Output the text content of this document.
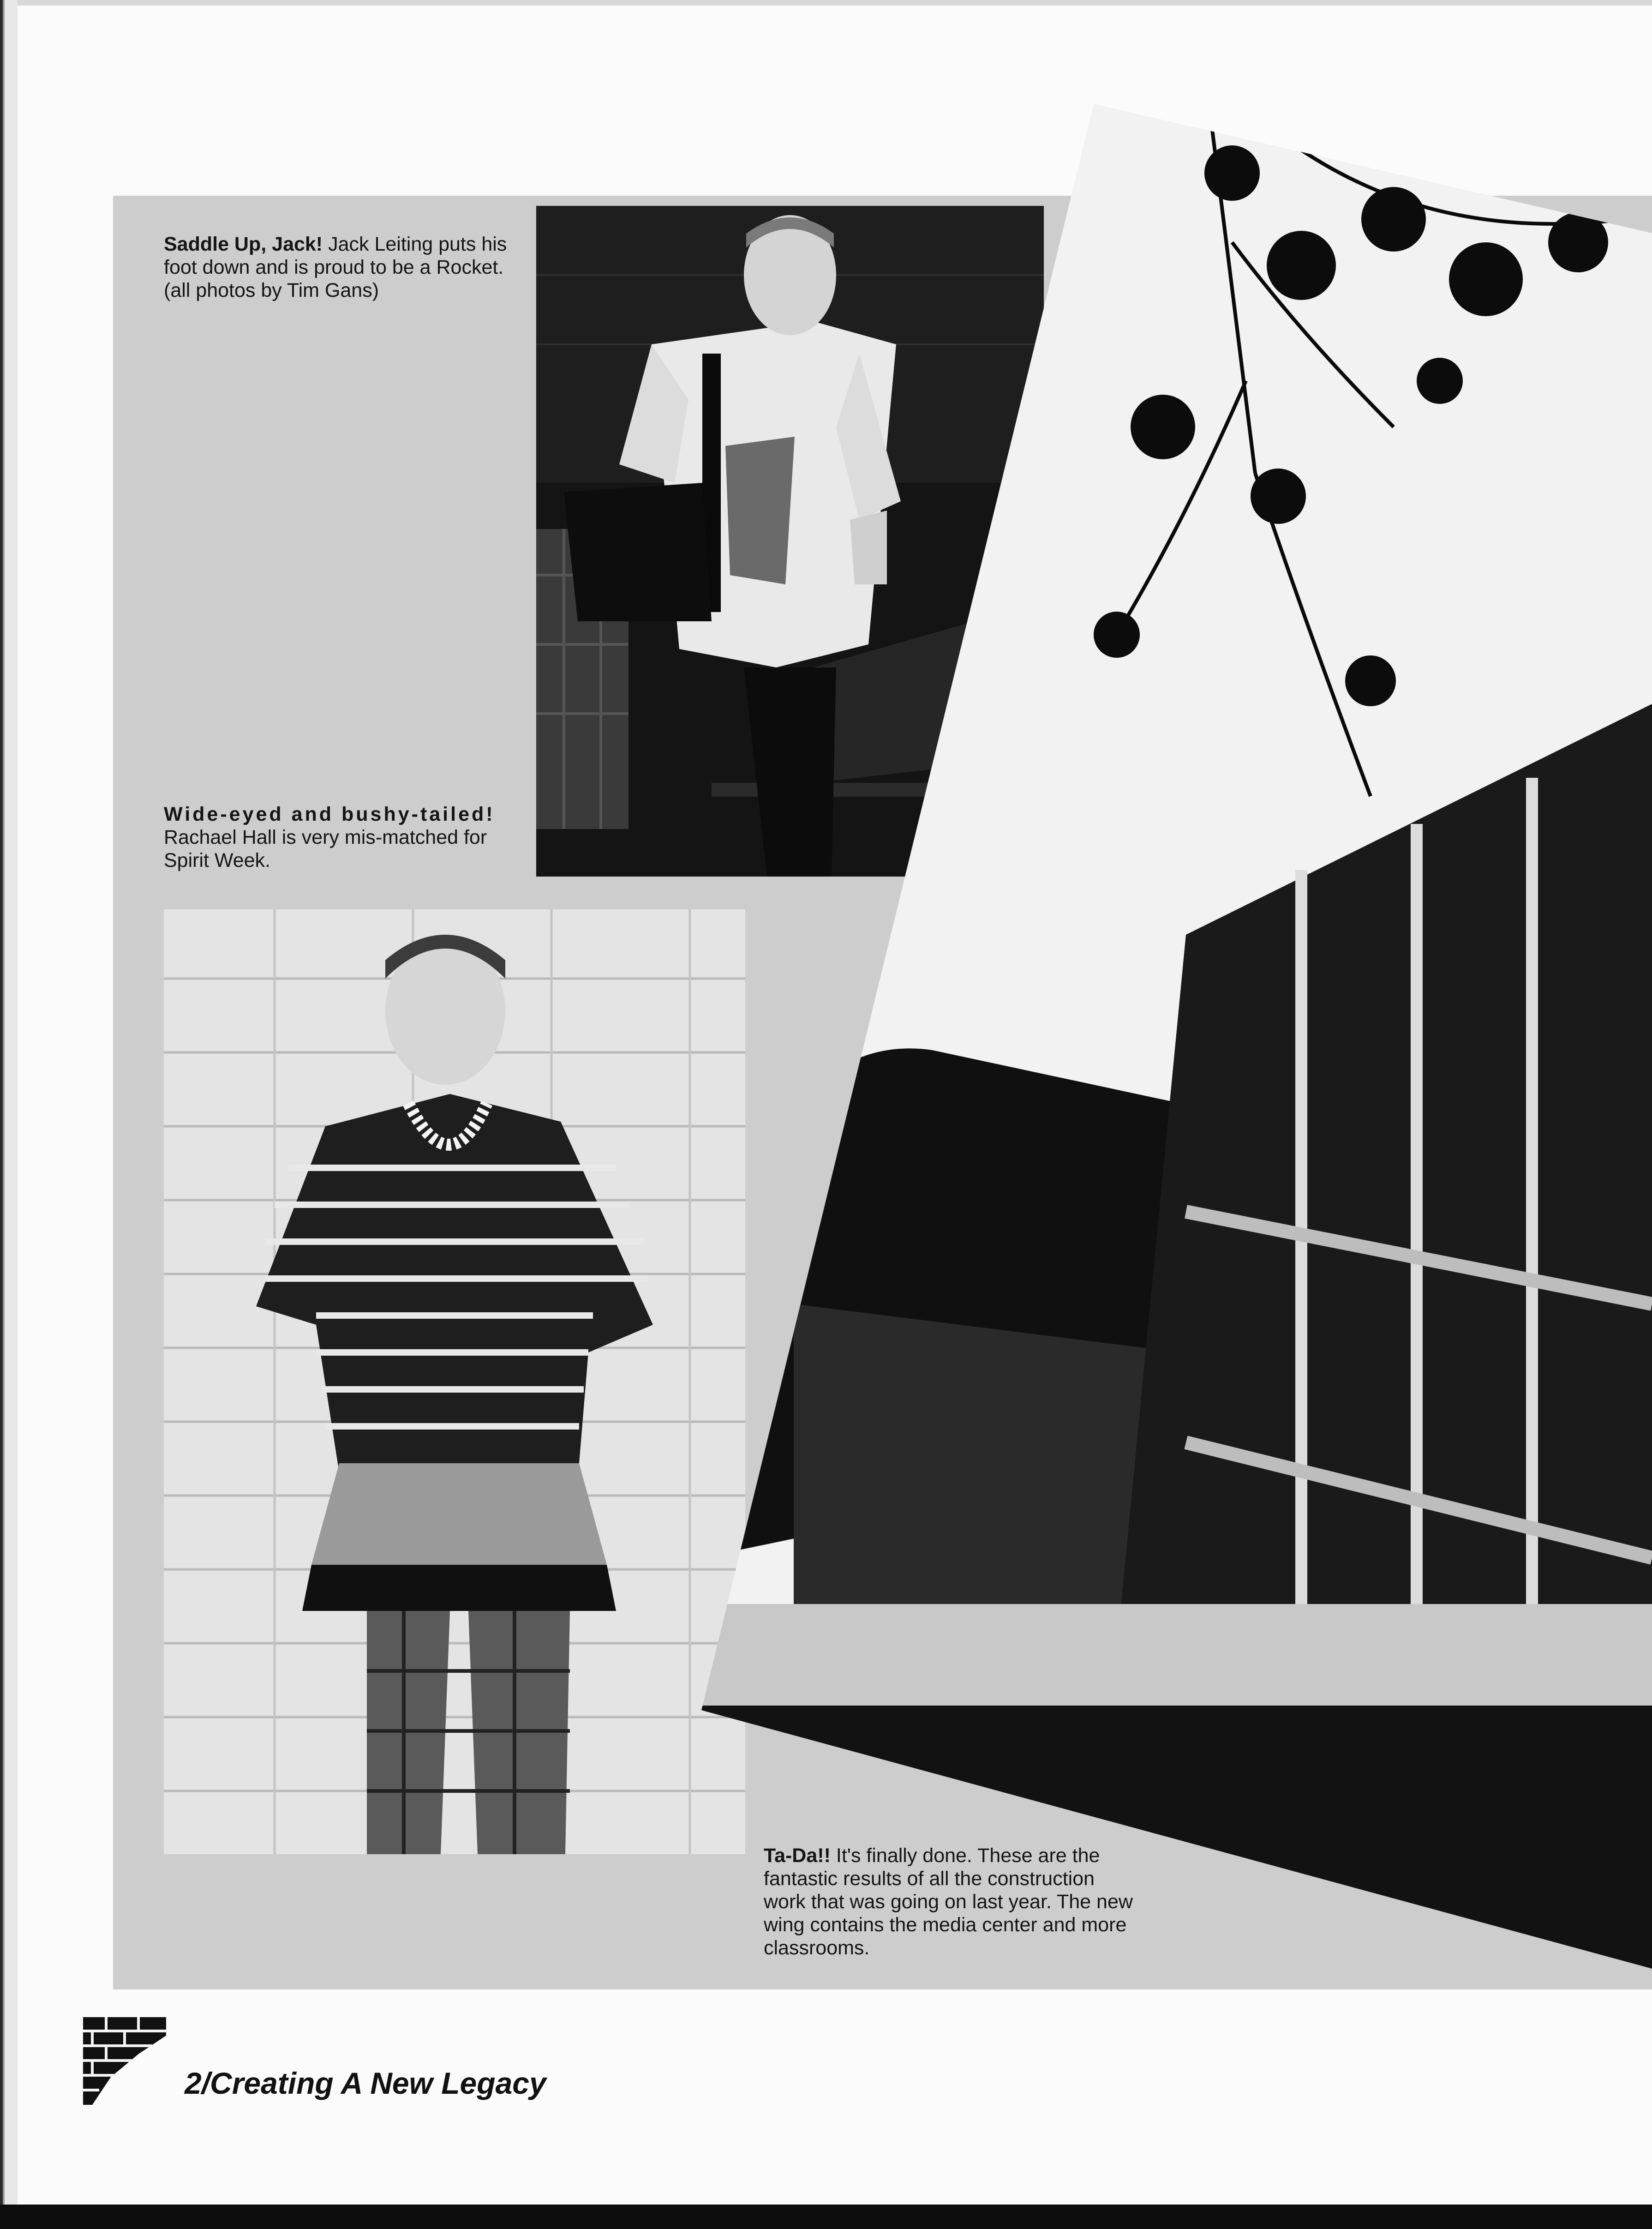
Saddle Up, Jack! Jack Leiting puts his foot down and is proud to be a Rocket. (all photos by Tim Gans)
Wide-eyed and bushy-tailed! Rachael Hall is very mis-matched for Spirit Week.
Ta-Da!! It's finally done. These are the fantastic results of all the construction work that was going on last year. The new wing contains the media center and more classrooms.
2/Creating A New Legacy
